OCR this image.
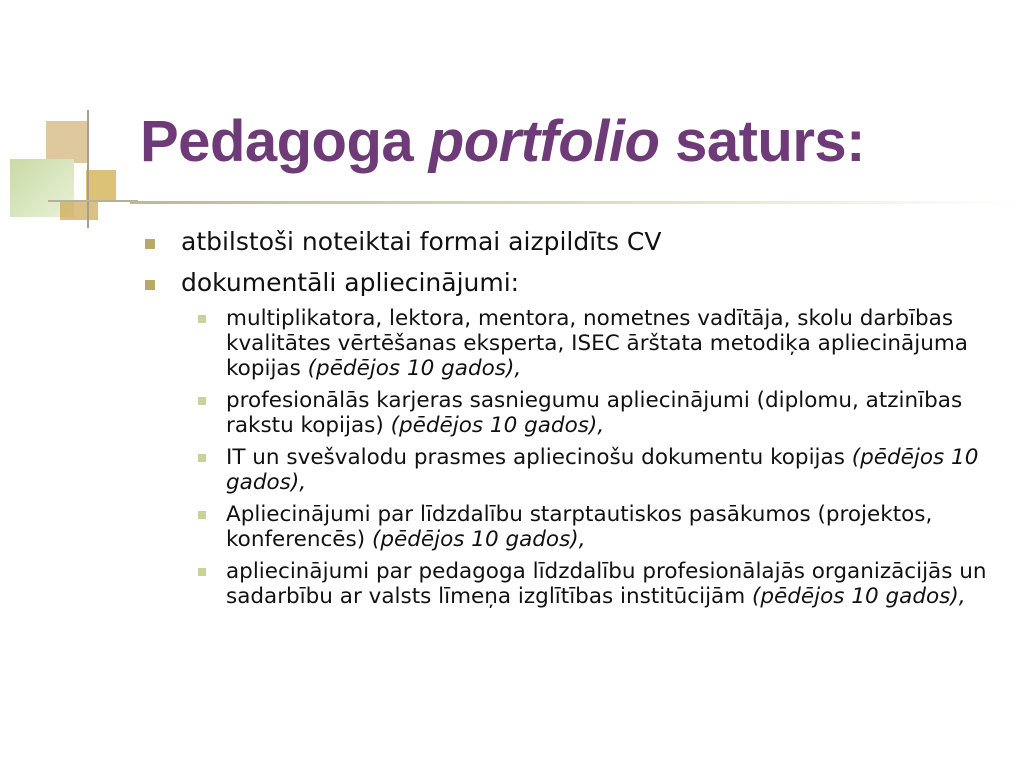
Pedagoga portfolio saturs:
atbilstoši noteiktai formai aizpildīts CV
dokumentāli apliecinājumi:
multiplikatora, lektora, mentora, nometnes vadītāja, skolu darbības kvalitātes vērtēšanas eksperta, ISEC ārštata metodiķa apliecinājuma kopijas (pēdējos 10 gados),
profesionālās karjeras sasniegumu apliecinājumi (diplomu, atzinības rakstu kopijas) (pēdējos 10 gados),
IT un svešvalodu prasmes apliecinošu dokumentu kopijas (pēdējos 10 gados),
Apliecinājumi par līdzdalību starptautiskos pasākumos (projektos, konferencēs) (pēdējos 10 gados),
apliecinājumi par pedagoga līdzdalību profesionālajās organizācijās un sadarbību ar valsts līmeņa izglītības institūcijām (pēdējos 10 gados),
